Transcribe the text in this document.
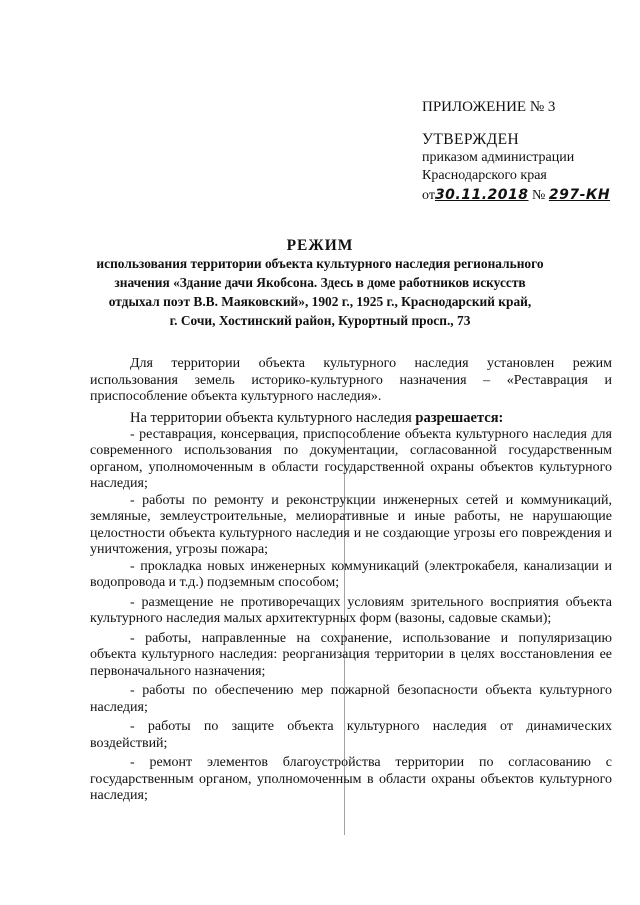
ПРИЛОЖЕНИЕ № 3
УТВЕРЖДЕН
приказом администрации
Краснодарского края
от30.11.2018 № 297-КН
РЕЖИМ
использования территории объекта культурного наследия регионального
значения «Здание дачи Якобсона. Здесь в доме работников искусств
отдыхал поэт В.В. Маяковский», 1902 г., 1925 г., Краснодарский край,
г. Сочи, Хостинский район, Курортный просп., 73

Для территории объекта культурного наследия установлен режим использования земель историко-культурного назначения – «Реставрация и приспособление объекта культурного наследия».

На территории объекта культурного наследия разрешается:

- реставрация, консервация, приспособление объекта культурного наследия для современного использования по документации, согласованной государственным органом, уполномоченным в области государственной охраны объектов культурного наследия;

- работы по ремонту и реконструкции инженерных сетей и коммуникаций, земляные, землеустроительные, мелиоративные и иные работы, не нарушающие целостности объекта культурного наследия и не создающие угрозы его повреждения и уничтожения, угрозы пожара;

- прокладка новых инженерных коммуникаций (электрокабеля, канализации и водопровода и т.д.) подземным способом;

- размещение не противоречащих условиям зрительного восприятия объекта культурного наследия малых архитектурных форм (вазоны, садовые скамьи);

- работы, направленные на сохранение, использование и популяризацию объекта культурного наследия: реорганизация территории в целях восстановления ее первоначального назначения;

- работы по обеспечению мер пожарной безопасности объекта культурного наследия;

- работы по защите объекта культурного наследия от динамических воздействий;

- ремонт элементов благоустройства территории по согласованию с государственным органом, уполномоченным в области охраны объектов культурного наследия;
